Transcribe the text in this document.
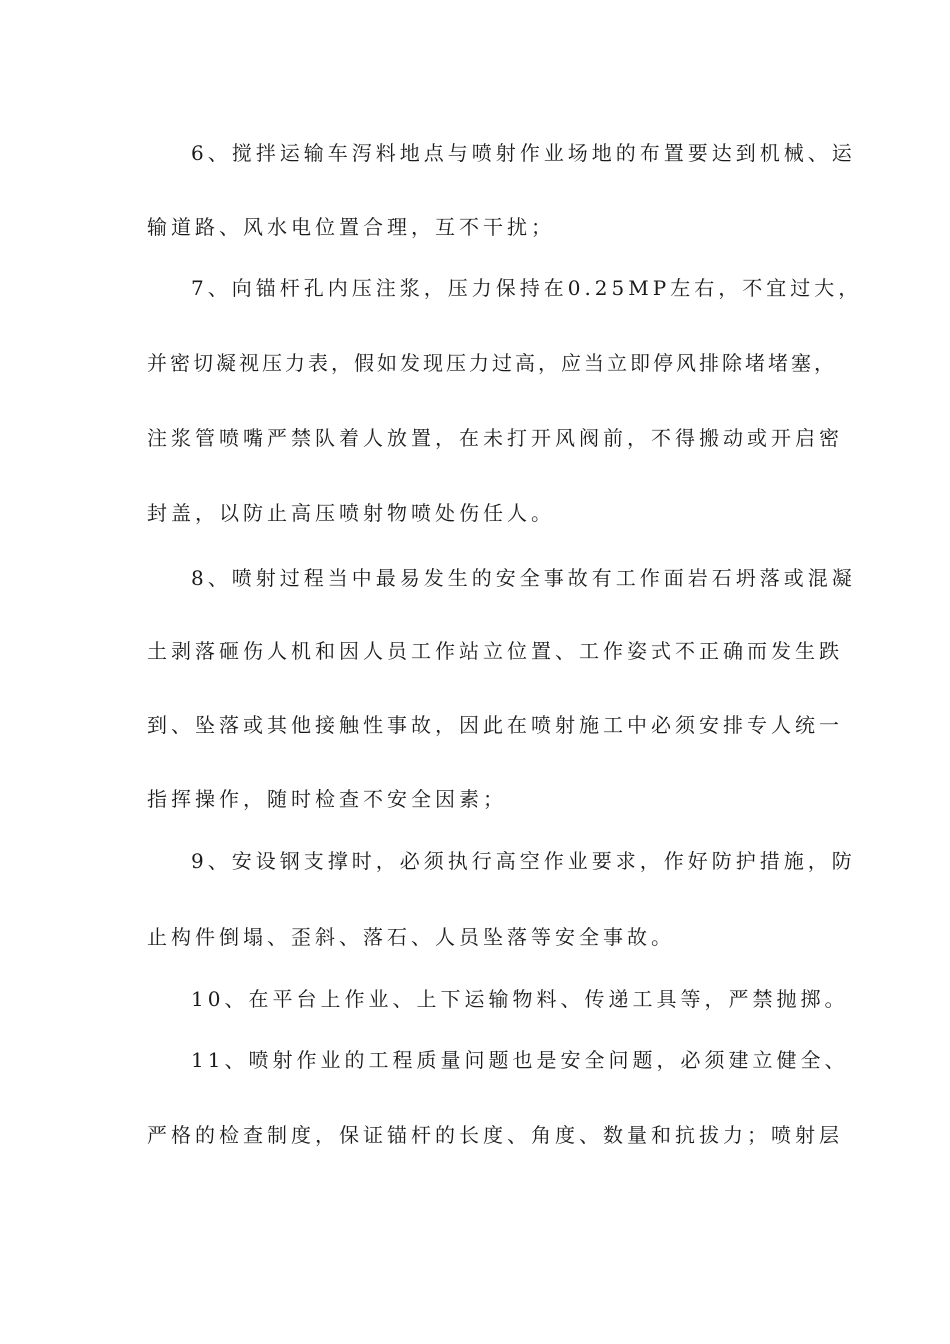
6、搅拌运输车泻料地点与喷射作业场地的布置要达到机械、运
输道路、风水电位置合理，互不干扰；
7、向锚杆孔内压注浆，压力保持在0.25MP左右，不宜过大，
并密切凝视压力表，假如发现压力过高，应当立即停风排除堵堵塞，
注浆管喷嘴严禁队着人放置，在未打开风阀前，不得搬动或开启密
封盖，以防止高压喷射物喷处伤任人。
8、喷射过程当中最易发生的安全事故有工作面岩石坍落或混凝
土剥落砸伤人机和因人员工作站立位置、工作姿式不正确而发生跌
到、坠落或其他接触性事故，因此在喷射施工中必须安排专人统一
指挥操作，随时检查不安全因素；
9、安设钢支撑时，必须执行高空作业要求，作好防护措施，防
止构件倒塌、歪斜、落石、人员坠落等安全事故。
10、在平台上作业、上下运输物料、传递工具等，严禁抛掷。
11、喷射作业的工程质量问题也是安全问题，必须建立健全、
严格的检查制度，保证锚杆的长度、角度、数量和抗拔力；喷射层
